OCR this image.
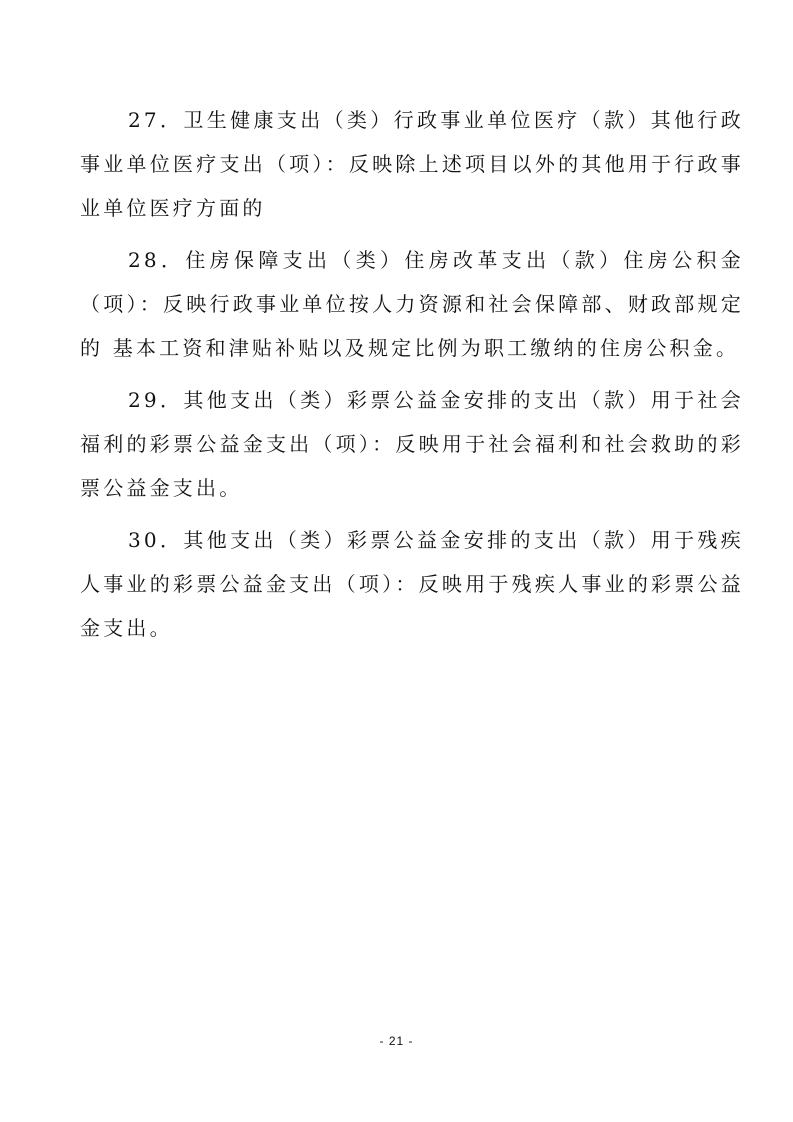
27．卫生健康支出（类）行政事业单位医疗（款）其他行政事业单位医疗支出（项）：反映除上述项目以外的其他用于行政事业单位医疗方面的

28．住房保障支出（类）住房改革支出（款）住房公积金（项）：反映行政事业单位按人力资源和社会保障部、财政部规定的 基本工资和津贴补贴以及规定比例为职工缴纳的住房公积金。

29．其他支出（类）彩票公益金安排的支出（款）用于社会福利的彩票公益金支出（项）：反映用于社会福利和社会救助的彩票公益金支出。

30．其他支出（类）彩票公益金安排的支出（款）用于残疾人事业的彩票公益金支出（项）：反映用于残疾人事业的彩票公益金支出。

- 21 -
